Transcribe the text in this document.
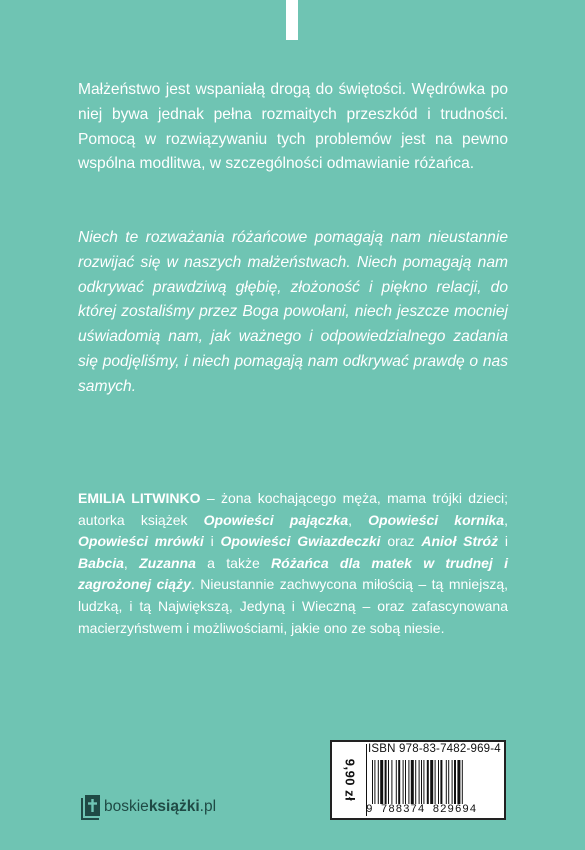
Małżeństwo jest wspaniałą drogą do świętości. Wędrówka po niej bywa jednak pełna rozmaitych przeszkód i trudności. Pomocą w rozwiązywaniu tych problemów jest na pewno wspólna modlitwa, w szczególności odmawianie różańca.

Niech te rozważania różańcowe pomagają nam nieustannie rozwijać się w naszych małżeństwach. Niech pomagają nam odkrywać prawdziwą głębię, złożoność i piękno relacji, do której zostaliśmy przez Boga powołani, niech jeszcze mocniej uświadomią nam, jak ważnego i odpowiedzialnego zadania się podjęliśmy, i niech pomagają nam odkrywać prawdę o nas samych.

EMILIA LITWINKO – żona kochającego męża, mama trójki dzieci; autorka książek Opowieści pajączka, Opowieści kornika, Opowieści mrówki i Opowieści Gwiazdeczki oraz Anioł Stróż i Babcia, Zuzanna a także Różańca dla matek w trudnej i zagrożonej ciąży. Nieustannie zachwycona miłością – tą mniejszą, ludzką, i tą Największą, Jedyną i Wieczną – oraz zafascynowana macierzyństwem i możliwościami, jakie ono ze sobą niesie.

9,90 zł
ISBN 978-83-7482-969-4
9 788374 829694
boskieksiążki.pl
